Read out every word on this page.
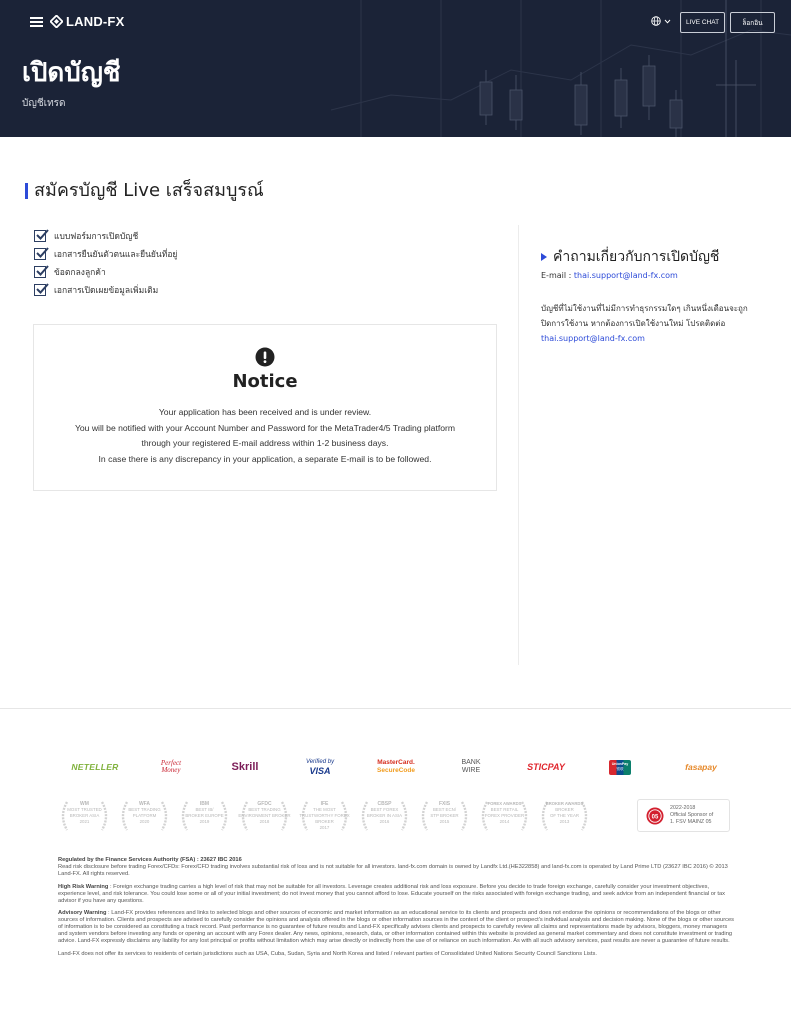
LAND-FX	LIVE CHAT	ล็อกอิน
เปิดบัญชี
บัญชีเทรด
สมัครบัญชี Live เสร็จสมบูรณ์
แบบฟอร์มการเปิดบัญชี
เอกสารยืนยันตัวตนและยืนยันที่อยู่
ข้อตกลงลูกค้า
เอกสารเปิดเผยข้อมูลเพิ่มเติม
Notice
Your application has been received and is under review.
You will be notified with your Account Number and Password for the MetaTrader4/5 Trading platform
through your registered E-mail address within 1-2 business days.
In case there is any discrepancy in your application, a separate E-mail is to be followed.
คำถามเกี่ยวกับการเปิดบัญชี
E-mail : thai.support@land-fx.com
บัญชีที่ไม่ใช้งานที่ไม่มีการทำธุรกรรมใดๆ เกินหนึ่งเดือนจะถูก
ปิดการใช้งาน หากต้องการเปิดใช้งานใหม่ โปรดติดต่อ
thai.support@land-fx.com
NETELLER	Perfect
Money	Skrill	Verified by
VISA
MasterCard.
SecureCode
BANK
WIRE	STICPAY	UnionPay
银联	fasapay
WM
MOST TRUSTED
BROKER ASIA
2021
WFA
BEST TRADING
PLATFORM
2020
IBM
BEST IB/
BROKER EUROPE
2019
GFDC
BEST TRADING
ENVIRONMENT BROKER
2018
IFE
THE MOST
TRUSTWORTHY FOREX BROKER
2017
CBSP
BEST FOREX
BROKER IN ASIA
2016
FXIS
BEST ECN/
STP BROKER
2015
FOREX AWARDS
BEST RETAIL
FOREX PROVIDER
2014
BROKER AWARDS
BROKER
OF THE YEAR
2013
05
2022-2018
Official Sponsor of
1. FSV MAINZ 05

Regulated by the Finance Services Authority (FSA) : 23627 IBC 2016
Read risk disclosure before trading Forex/CFDs: Forex/CFD trading involves substantial risk of loss and is not suitable for all investors. land-fx.com domain is owned by Landfx Ltd.(HE322858) and land-fx.com is operated by Land Prime LTD (23627 IBC 2016) © 2013 Land-FX. All rights reserved.

High Risk Warning : Foreign exchange trading carries a high level of risk that may not be suitable for all investors. Leverage creates additional risk and loss exposure. Before you decide to trade foreign exchange, carefully consider your investment objectives, experience level, and risk tolerance. You could lose some or all of your initial investment; do not invest money that you cannot afford to lose. Educate yourself on the risks associated with foreign exchange trading, and seek advice from an independent financial or tax advisor if you have any questions.

Advisory Warning : Land-FX provides references and links to selected blogs and other sources of economic and market information as an educational service to its clients and prospects and does not endorse the opinions or recommendations of the blogs or other sources of information. Clients and prospects are advised to carefully consider the opinions and analysis offered in the blogs or other information sources in the context of the client or prospect's individual analysis and decision making. None of the blogs or other sources of information is to be considered as constituting a track record. Past performance is no guarantee of future results and Land-FX specifically advises clients and prospects to carefully review all claims and representations made by advisors, bloggers, money managers and system vendors before investing any funds or opening an account with any Forex dealer. Any news, opinions, research, data, or other information contained within this website is provided as general market commentary and does not constitute investment or trading advice. Land-FX expressly disclaims any liability for any lost principal or profits without limitation which may arise directly or indirectly from the use of or reliance on such information. As with all such advisory services, past results are never a guarantee of future results.

Land-FX does not offer its services to residents of certain jurisdictions such as USA, Cuba, Sudan, Syria and North Korea and listed / relevant parties of Consolidated United Nations Security Council Sanctions Lists.
